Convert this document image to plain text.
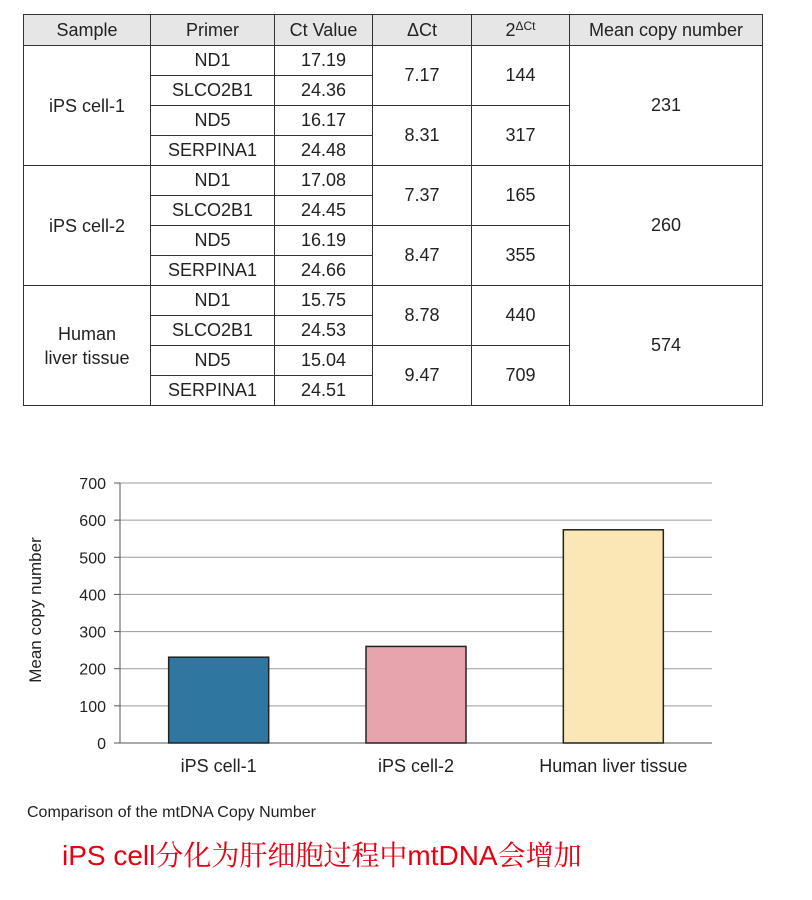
Sample	Primer	Ct Value	ΔCt	$2^{\Delta Ct}$	Mean copy number

iPS cell-1	ND1	17.19	7.17	144	231
	SLCO2B1	24.36			
	ND5	16.17	8.31	317	
	SERPINA1	24.48			

iPS cell-2	ND1	17.08	7.37	165	260
	SLCO2B1	24.45			
	ND5	16.19	8.47	355	
	SERPINA1	24.66			

Human
liver tissue	ND1	15.75	8.78	440	574
	SLCO2B1	24.53			
	ND5	15.04	9.47	709	
	SERPINA1	24.51			
0
100
200
300
400
500
600
700
iPS cell-1	iPS cell-2	Human liver tissue
Mean copy number
Comparison of the mtDNA Copy Number
iPS cell分化为肝细胞过程中mtDNA会增加
